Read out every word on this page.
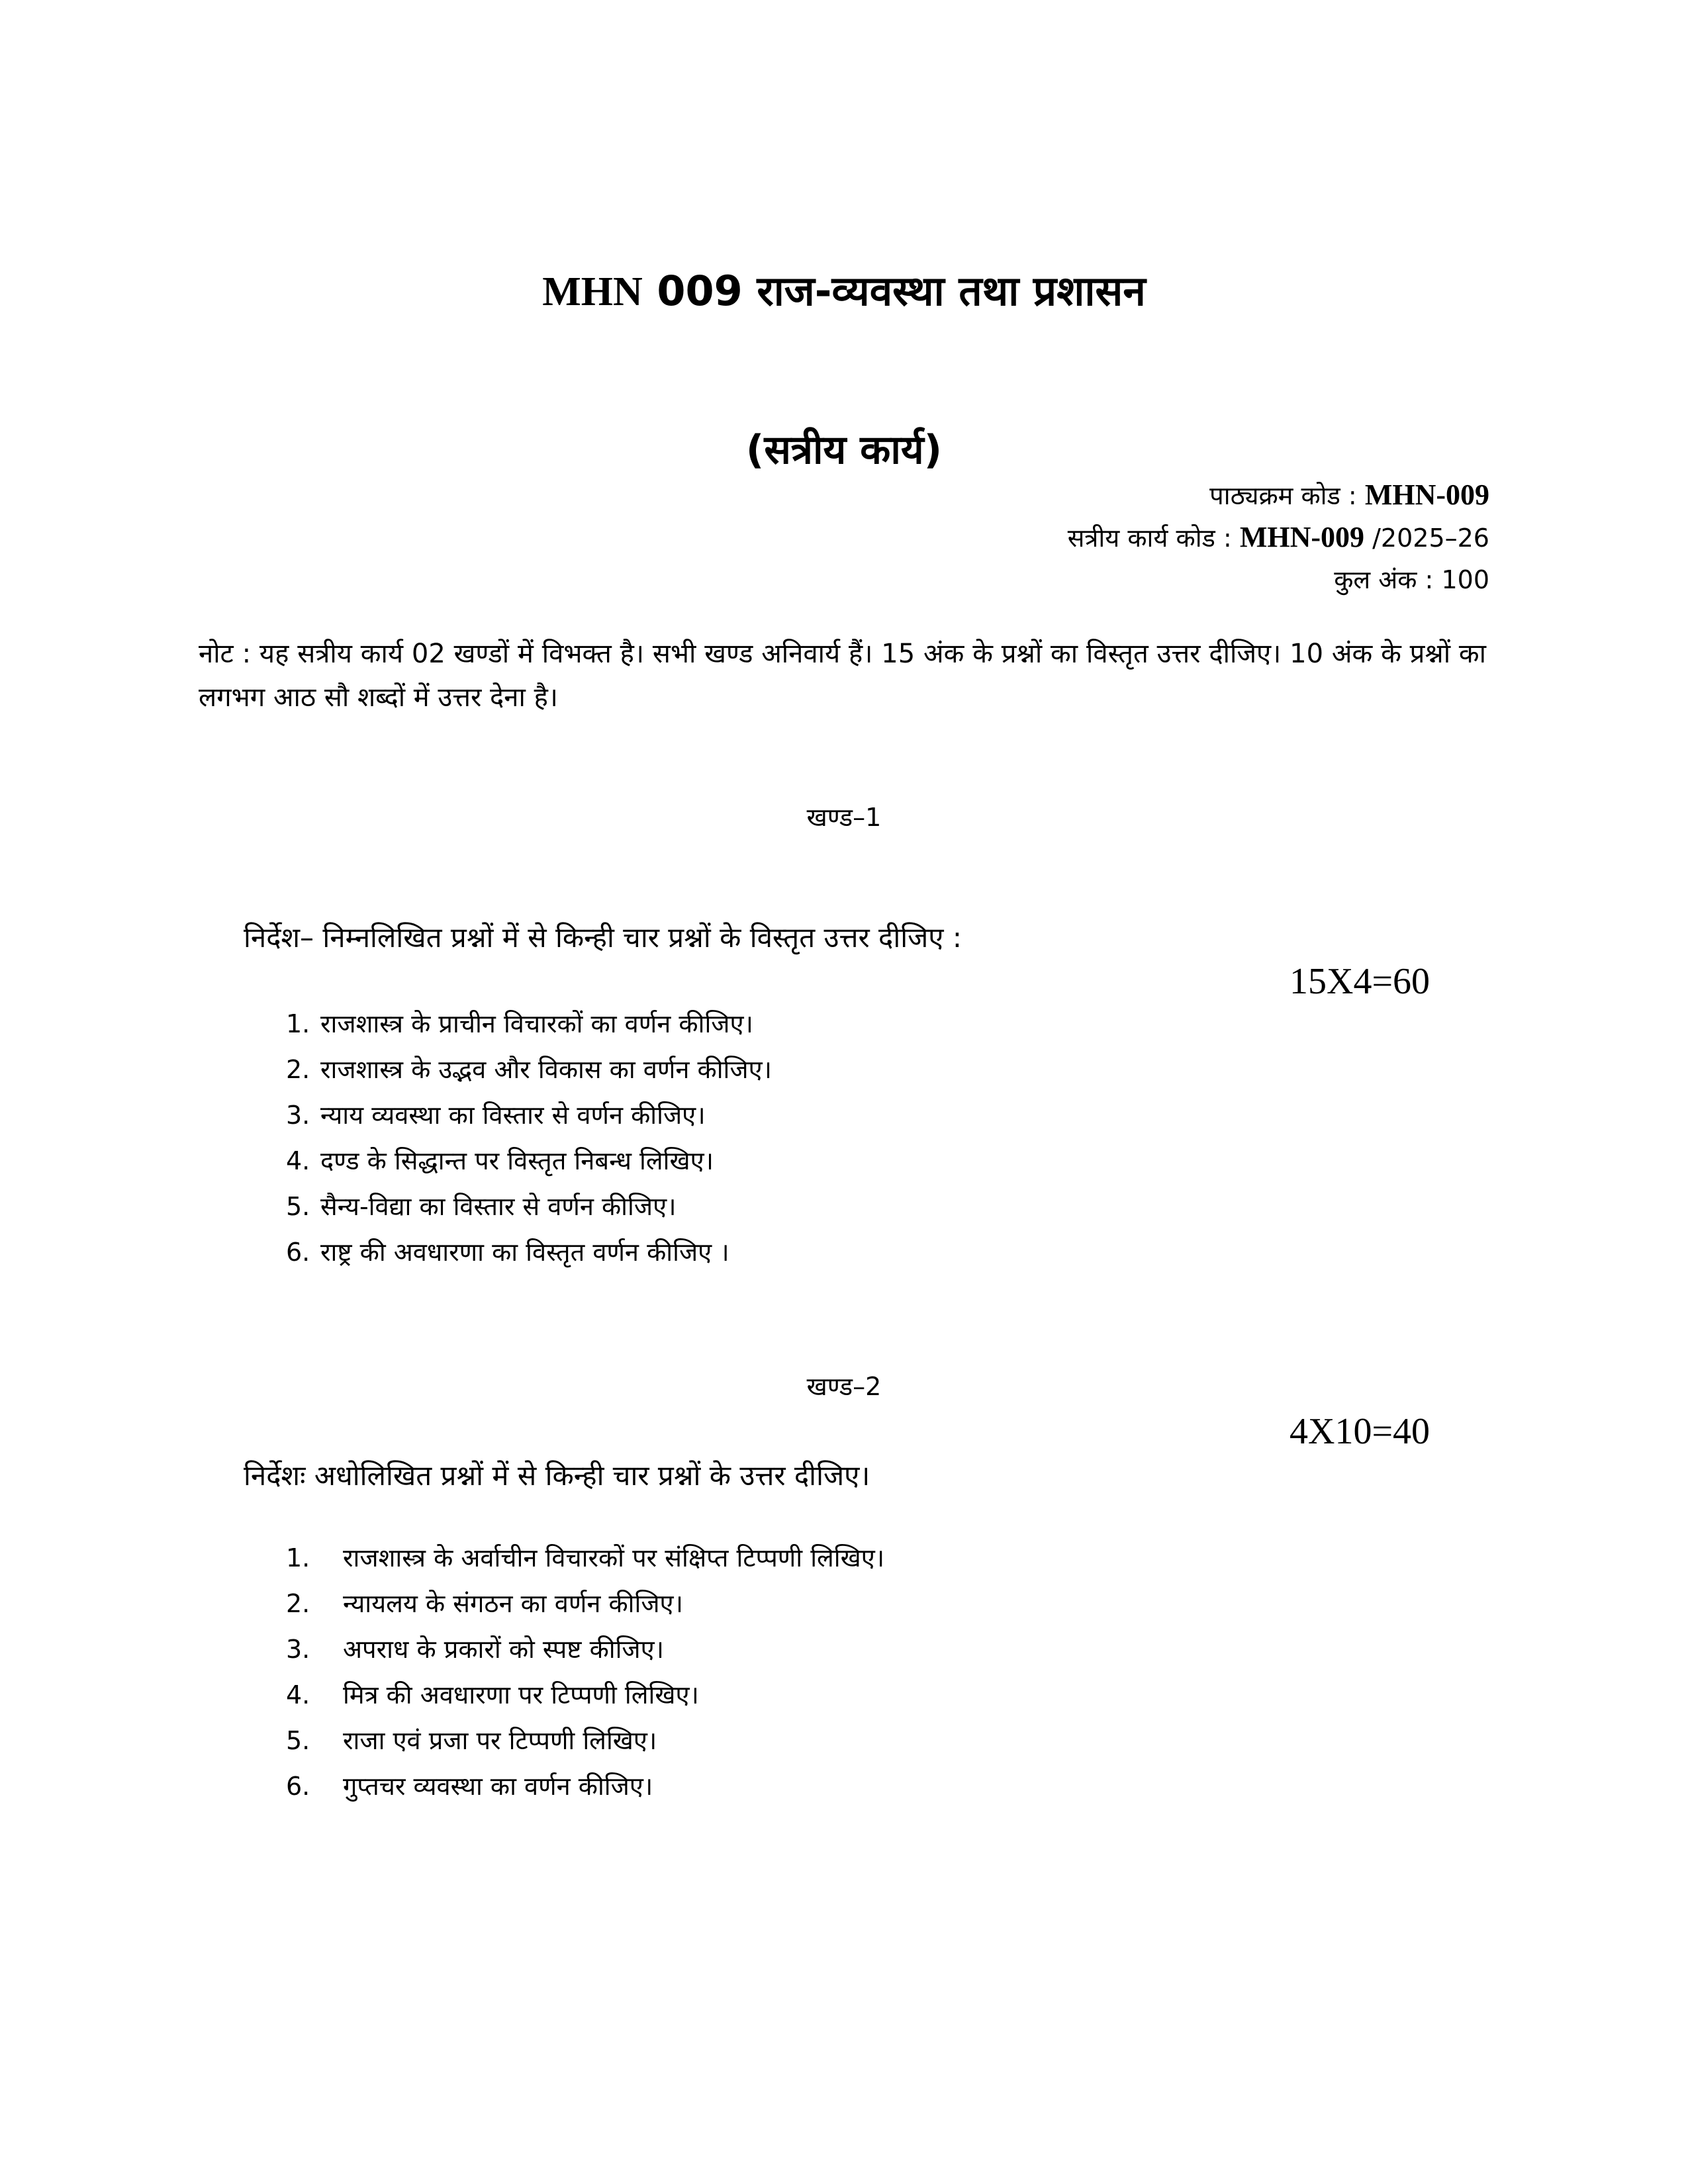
MHN 009 राज-व्यवस्था तथा प्रशासन
(सत्रीय कार्य)
पाठ्यक्रम कोड : MHN-009
सत्रीय कार्य कोड : MHN-009 /2025–26
कुल अंक : 100
नोट : यह सत्रीय कार्य 02 खण्डों में विभक्त है। सभी खण्ड अनिवार्य हैं। 15 अंक के प्रश्नों का विस्तृत उत्तर दीजिए। 10 अंक के प्रश्नों का लगभग आठ सौ शब्दों में उत्तर देना है।
खण्ड–1
निर्देश– निम्नलिखित प्रश्नों में से किन्ही चार प्रश्नों के विस्तृत उत्तर दीजिए :
15X4=60
1. राजशास्त्र के प्राचीन विचारकों का वर्णन कीजिए।
2. राजशास्त्र के उद्भव और विकास का वर्णन कीजिए।
3. न्याय व्यवस्था का विस्तार से वर्णन कीजिए।
4. दण्ड के सिद्धान्त पर विस्तृत निबन्ध लिखिए।
5. सैन्य-विद्या का विस्तार से वर्णन कीजिए।
6. राष्ट्र की अवधारणा का विस्तृत वर्णन कीजिए ।
खण्ड–2
4X10=40
निर्देशः अधोलिखित प्रश्नों में से किन्ही चार प्रश्नों के उत्तर दीजिए।
1.	राजशास्त्र के अर्वाचीन विचारकों पर संक्षिप्त टिप्पणी लिखिए।
2.	न्यायलय के संगठन का वर्णन कीजिए।
3.	अपराध के प्रकारों को स्पष्ट कीजिए।
4.	मित्र की अवधारणा पर टिप्पणी लिखिए।
5.	राजा एवं प्रजा पर टिप्पणी लिखिए।
6.	गुप्तचर व्यवस्था का वर्णन कीजिए।
